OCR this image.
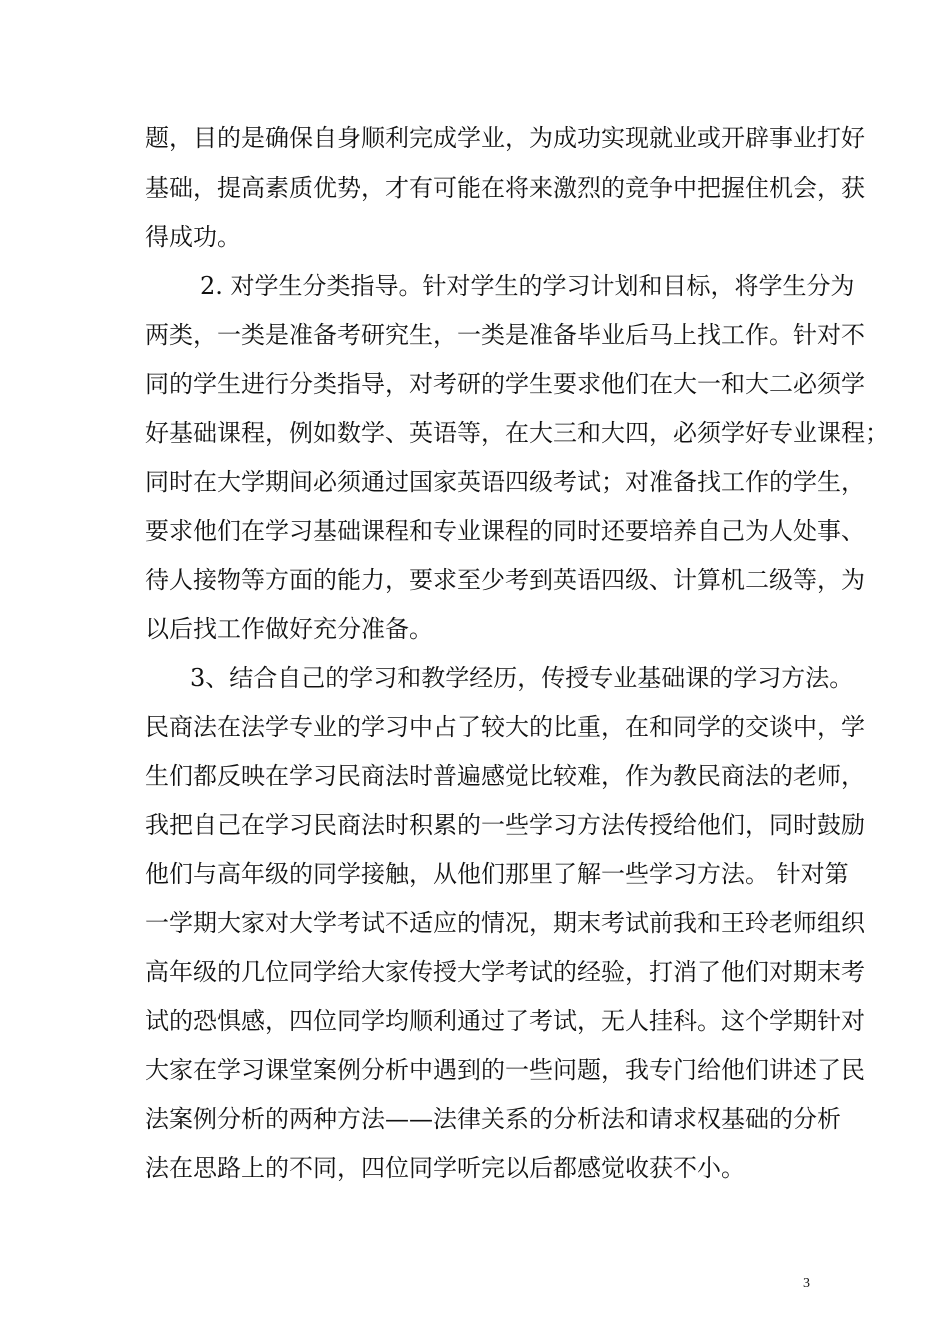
题，目的是确保自身顺利完成学业，为成功实现就业或开辟事业打好
基础，提高素质优势，才有可能在将来激烈的竞争中把握住机会，获
得成功。
2. 对学生分类指导。针对学生的学习计划和目标，将学生分为
两类，一类是准备考研究生，一类是准备毕业后马上找工作。针对不
同的学生进行分类指导，对考研的学生要求他们在大一和大二必须学
好基础课程，例如数学、英语等，在大三和大四，必须学好专业课程；
同时在大学期间必须通过国家英语四级考试；对准备找工作的学生，
要求他们在学习基础课程和专业课程的同时还要培养自己为人处事、
待人接物等方面的能力，要求至少考到英语四级、计算机二级等，为
以后找工作做好充分准备。
3、结合自己的学习和教学经历，传授专业基础课的学习方法。
民商法在法学专业的学习中占了较大的比重，在和同学的交谈中，学
生们都反映在学习民商法时普遍感觉比较难，作为教民商法的老师，
我把自己在学习民商法时积累的一些学习方法传授给他们，同时鼓励
他们与高年级的同学接触，从他们那里了解一些学习方法。 针对第
一学期大家对大学考试不适应的情况，期末考试前我和王玲老师组织
高年级的几位同学给大家传授大学考试的经验，打消了他们对期末考
试的恐惧感，四位同学均顺利通过了考试，无人挂科。这个学期针对
大家在学习课堂案例分析中遇到的一些问题，我专门给他们讲述了民
法案例分析的两种方法——法律关系的分析法和请求权基础的分析
法在思路上的不同，四位同学听完以后都感觉收获不小。
3
